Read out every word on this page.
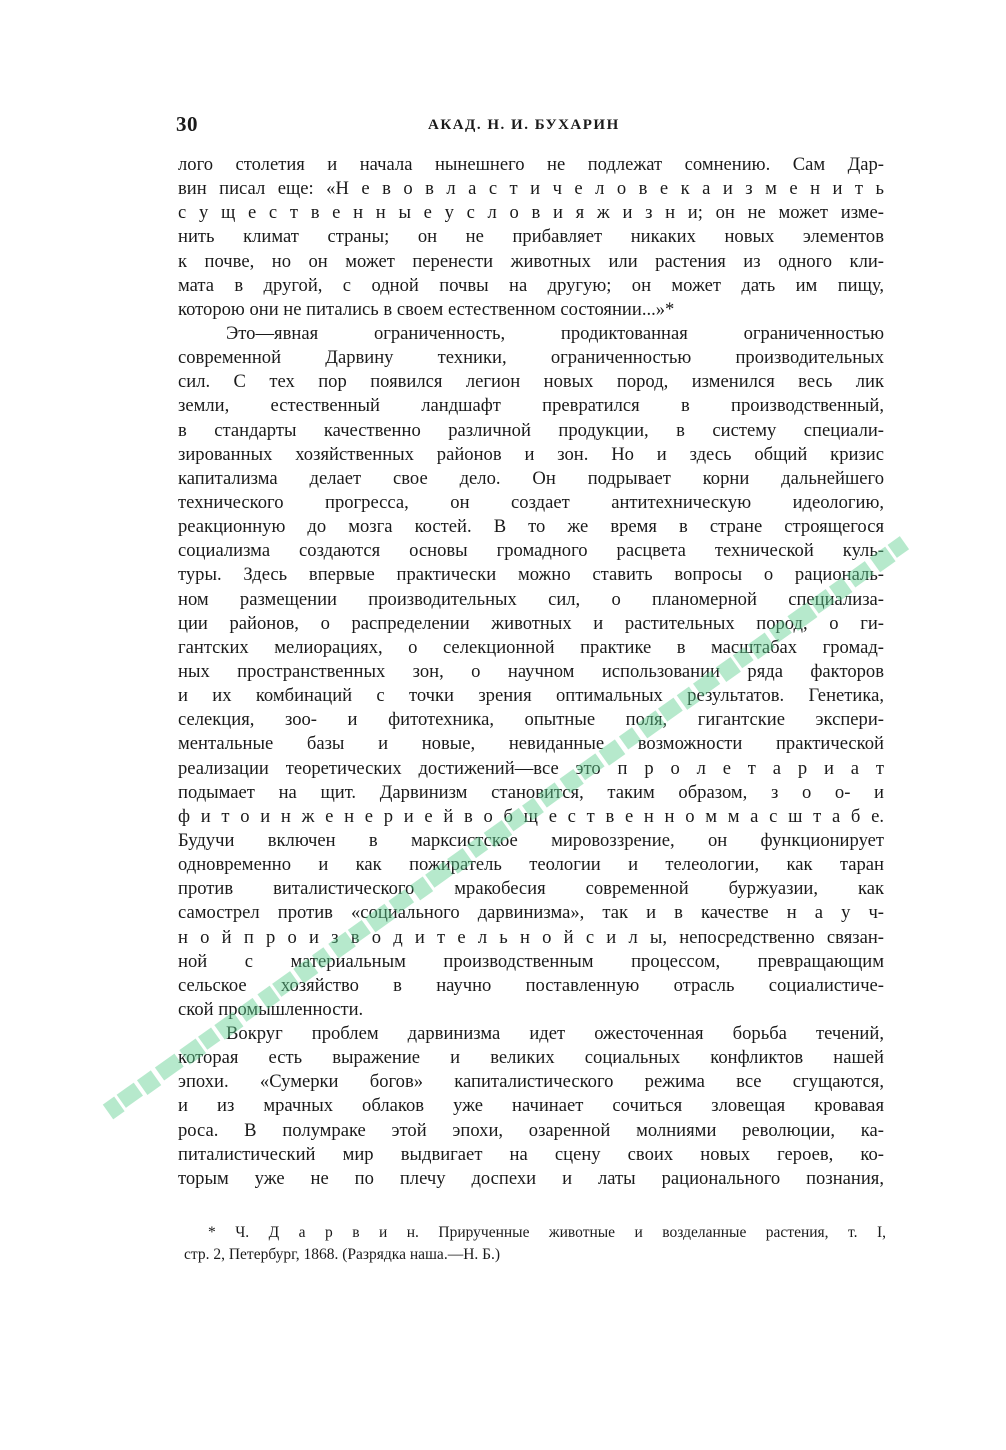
30	АКАД. Н. И. БУХАРИН
лого столетия и начала нынешнего не подлежат сомнению. Сам Дар-
вин писал еще: «Н е в о в л а с т и ч е л о в е к а и з м е н и т ь
с у щ е с т в е н н ы е у с л о в и я ж и з н и; он не может изме-
нить климат страны; он не прибавляет никаких новых элементов
к почве, но он может перенести животных или растения из одного кли-
мата в другой, с одной почвы на другую; он может дать им пищу,
которою они не питались в своем естественном состоянии...»*
Это—явная ограниченность, продиктованная ограниченностью
современной Дарвину техники, ограниченностью производительных
сил. С тех пор появился легион новых пород, изменился весь лик
земли, естественный ландшафт превратился в производственный,
в стандарты качественно различной продукции, в систему специали-
зированных хозяйственных районов и зон. Но и здесь общий кризис
капитализма делает свое дело. Он подрывает корни дальнейшего
технического прогресса, он создает антитехническую идеологию,
реакционную до мозга костей. В то же время в стране строящегося
социализма создаются основы громадного расцвета технической куль-
туры. Здесь впервые практически можно ставить вопросы о рациональ-
ном размещении производительных сил, о планомерной специализа-
ции районов, о распределении животных и растительных пород, о ги-
гантских мелиорациях, о селекционной практике в масштабах громад-
ных пространственных зон, о научном использовании ряда факторов
и их комбинаций с точки зрения оптимальных результатов. Генетика,
селекция, зоо- и фитотехника, опытные поля, гигантские экспери-
ментальные базы и новые, невиданные возможности практической
реализации теоретических достижений—все это п р о л е т а р и а т
подымает на щит. Дарвинизм становится, таким образом, з о о- и
ф и т о и н ж е н е р и е й в о б щ е с т в е н н о м м а с ш т а б е.
Будучи включен в марксистское мировоззрение, он функционирует
одновременно и как пожиратель теологии и телеологии, как таран
против виталистического мракобесия современной буржуазии, как
самострел против «социального дарвинизма», так и в качестве н а у ч-
н о й п р о и з в о д и т е л ь н о й с и л ы, непосредственно связан-
ной с материальным производственным процессом, превращающим
сельское хозяйство в научно поставленную отрасль социалистиче-
ской промышленности.
Вокруг проблем дарвинизма идет ожесточенная борьба течений,
которая есть выражение и великих социальных конфликтов нашей
эпохи. «Сумерки богов» капиталистического режима все сгущаются,
и из мрачных облаков уже начинает сочиться зловещая кровавая
роса. В полумраке этой эпохи, озаренной молниями революции, ка-
питалистический мир выдвигает на сцену своих новых героев, ко-
торым уже не по плечу доспехи и латы рационального познания,
* Ч. Д а р в и н. Прирученные животные и возделанные растения, т. I,
стр. 2, Петербург, 1868. (Разрядка наша.—Н. Б.)
